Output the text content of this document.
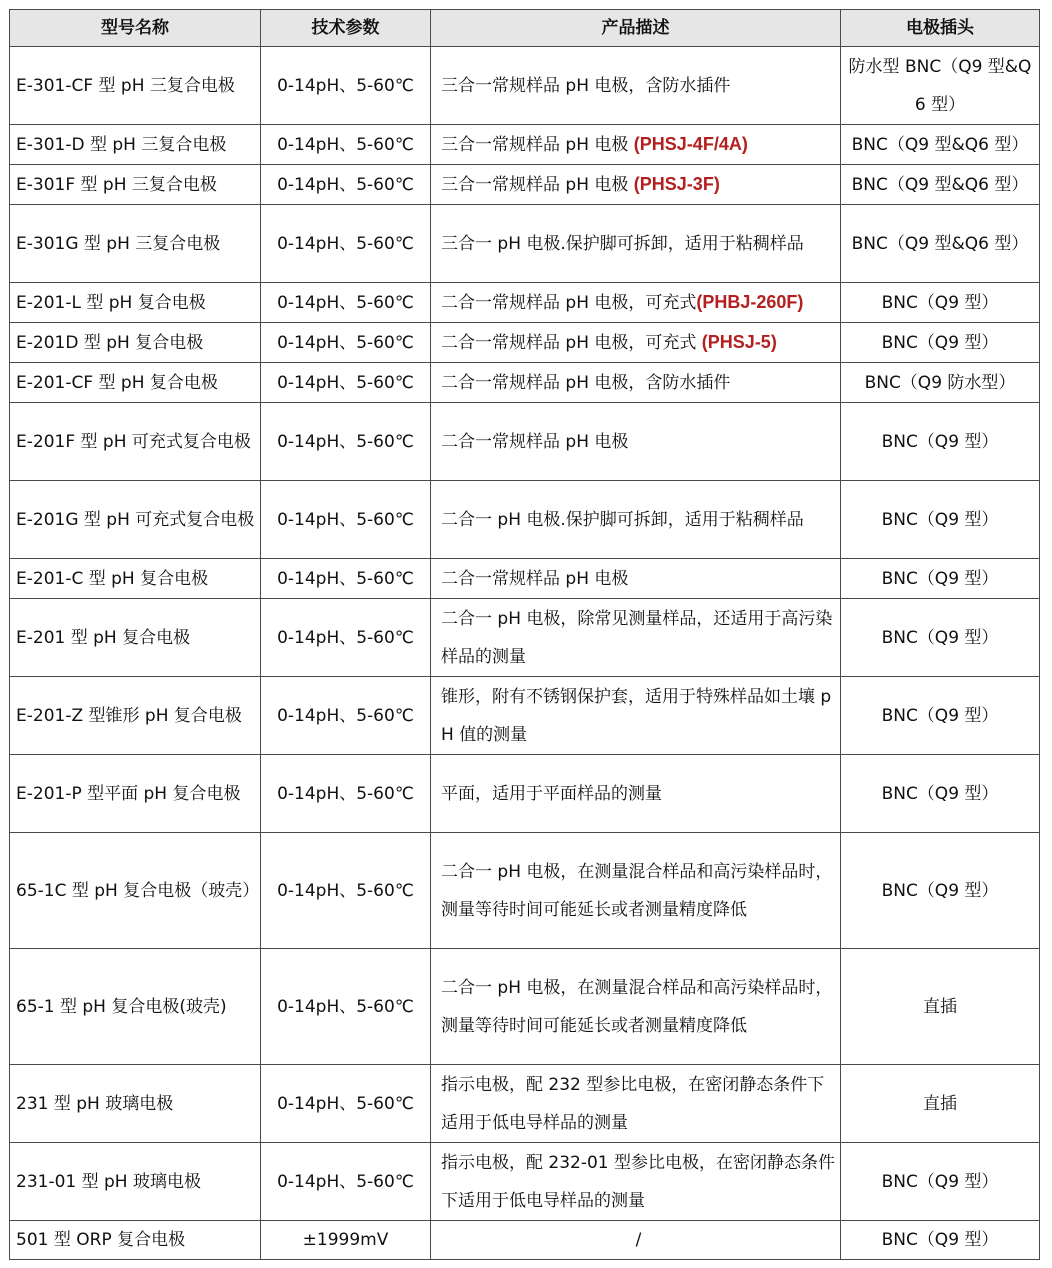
型号名称	技术参数	产品描述	电极插头
E-301-CF 型 pH 三复合电极	0-14pH、5-60℃	三合一常规样品 pH 电极，含防水插件	防水型 BNC（Q9 型&Q6 型）
E-301-D 型 pH 三复合电极	0-14pH、5-60℃	三合一常规样品 pH 电极 (PHSJ-4F/4A)	BNC（Q9 型&Q6 型）
E-301F 型 pH 三复合电极	0-14pH、5-60℃	三合一常规样品 pH 电极 (PHSJ-3F)	BNC（Q9 型&Q6 型）
E-301G 型 pH 三复合电极	0-14pH、5-60℃	三合一 pH 电极.保护脚可拆卸，适用于粘稠样品	BNC（Q9 型&Q6 型）
E-201-L 型 pH 复合电极	0-14pH、5-60℃	二合一常规样品 pH 电极，可充式(PHBJ-260F)	BNC（Q9 型）
E-201D 型 pH 复合电极	0-14pH、5-60℃	二合一常规样品 pH 电极，可充式 (PHSJ-5)	BNC（Q9 型）
E-201-CF 型 pH 复合电极	0-14pH、5-60℃	二合一常规样品 pH 电极，含防水插件	BNC（Q9 防水型）
E-201F 型 pH 可充式复合电极	0-14pH、5-60℃	二合一常规样品 pH 电极	BNC（Q9 型）
E-201G 型 pH 可充式复合电极	0-14pH、5-60℃	二合一 pH 电极.保护脚可拆卸，适用于粘稠样品	BNC（Q9 型）
E-201-C 型 pH 复合电极	0-14pH、5-60℃	二合一常规样品 pH 电极	BNC（Q9 型）
E-201 型 pH 复合电极	0-14pH、5-60℃	二合一 pH 电极，除常见测量样品，还适用于高污染样品的测量	BNC（Q9 型）
E-201-Z 型锥形 pH 复合电极	0-14pH、5-60℃	锥形，附有不锈钢保护套，适用于特殊样品如土壤 pH 值的测量	BNC（Q9 型）
E-201-P 型平面 pH 复合电极	0-14pH、5-60℃	平面，适用于平面样品的测量	BNC（Q9 型）
65-1C 型 pH 复合电极（玻壳）	0-14pH、5-60℃	二合一 pH 电极，在测量混合样品和高污染样品时，测量等待时间可能延长或者测量精度降低	BNC（Q9 型）
65-1 型 pH 复合电极(玻壳)	0-14pH、5-60℃	二合一 pH 电极，在测量混合样品和高污染样品时，测量等待时间可能延长或者测量精度降低	直插
231 型 pH 玻璃电极	0-14pH、5-60℃	指示电极，配 232 型参比电极，在密闭静态条件下适用于低电导样品的测量	直插
231-01 型 pH 玻璃电极	0-14pH、5-60℃	指示电极，配 232-01 型参比电极，在密闭静态条件下适用于低电导样品的测量	BNC（Q9 型）
501 型 ORP 复合电极	±1999mV	/	BNC（Q9 型）
